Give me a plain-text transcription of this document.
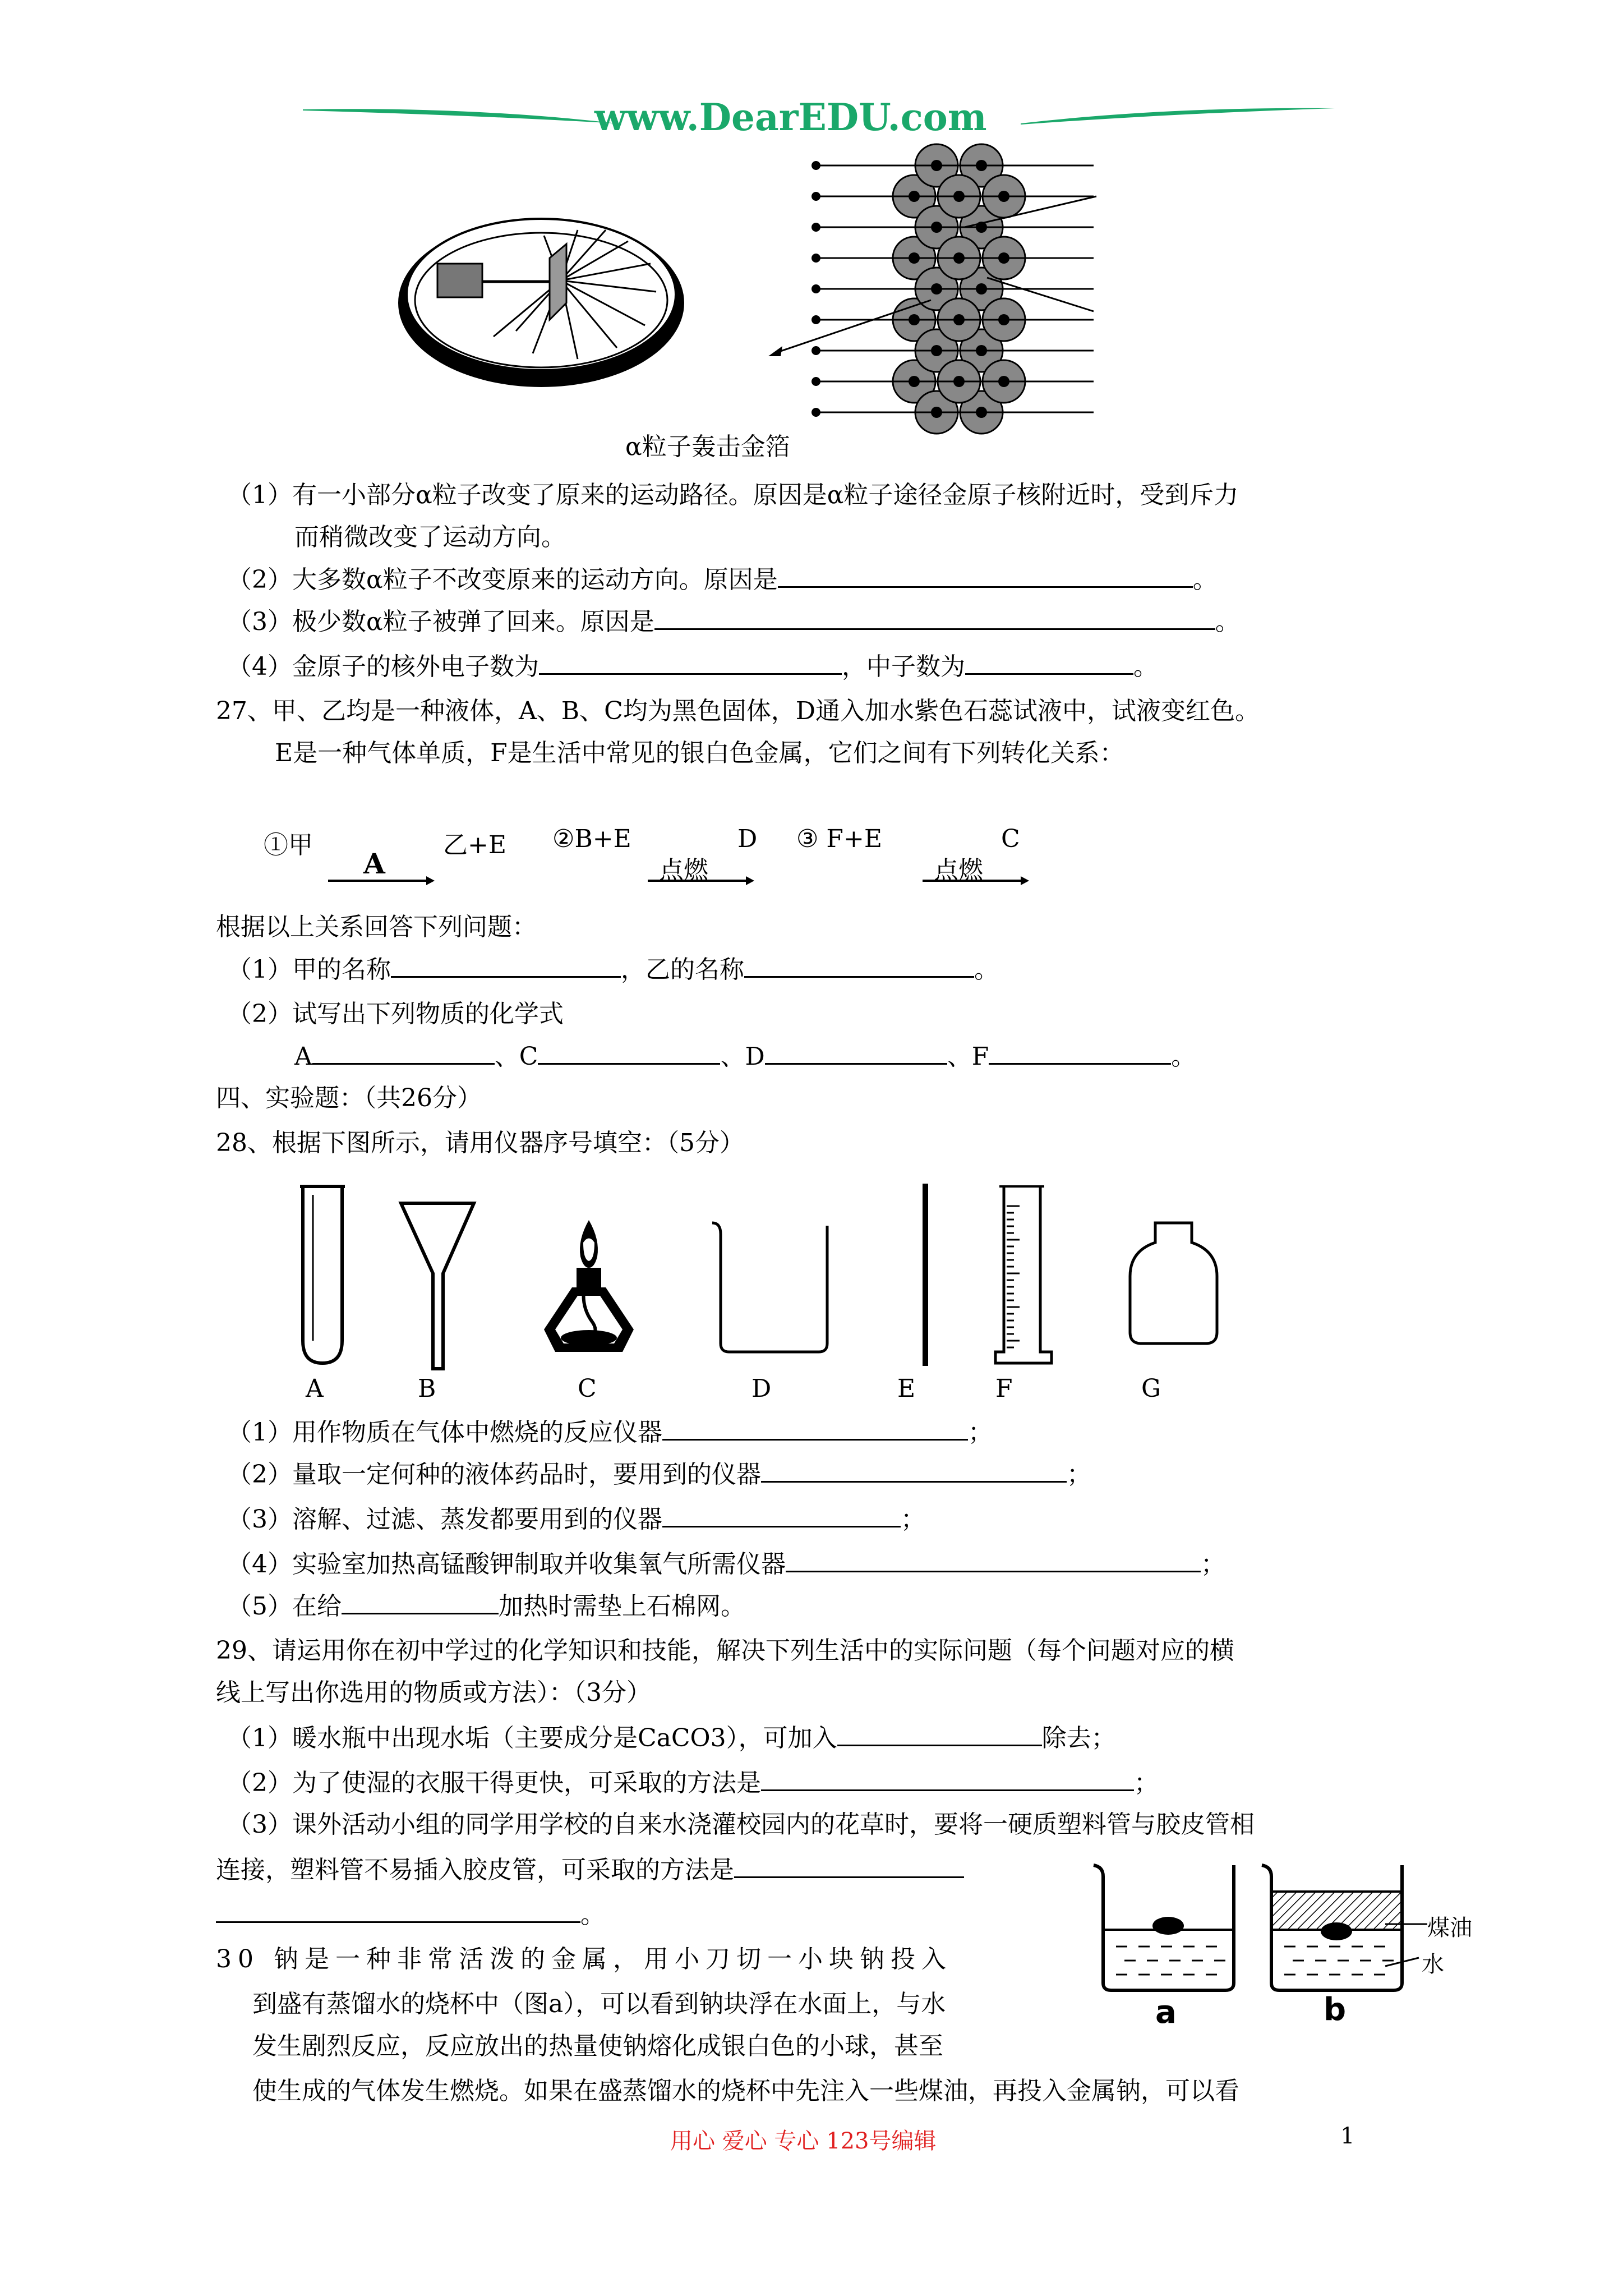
www.DearEDU.com
α粒子轰击金箔
（1）有一小部分α粒子改变了原来的运动路径。原因是α粒子途径金原子核附近时，受到斥力
而稍微改变了运动方向。
（2）大多数α粒子不改变原来的运动方向。原因是	。
（3）极少数α粒子被弹了回来。原因是	。
（4）金原子的核外电子数为	，中子数为	。
27、甲、乙均是一种液体，A、B、C均为黑色固体，D通入加水紫色石蕊试液中，试液变红色。
E是一种气体单质，F是生活中常见的银白色金属，它们之间有下列转化关系：
①甲
A
乙+E ②B+E
点燃
D ③ F+E
点燃
C
根据以上关系回答下列问题：
（1）甲的名称	，乙的名称	。
（2）试写出下列物质的化学式
A	、C	、D	、F	。
四、实验题：（共26分）
28、根据下图所示，请用仪器序号填空：（5分）
A	B	C	D	E	F	G
（1）用作物质在气体中燃烧的反应仪器	；
（2）量取一定何种的液体药品时，要用到的仪器	；
（3）溶解、过滤、蒸发都要用到的仪器	；
（4）实验室加热高锰酸钾制取并收集氧气所需仪器	；
（5）在给	加热时需垫上石棉网。
29、请运用你在初中学过的化学知识和技能，解决下列生活中的实际问题（每个问题对应的横
线上写出你选用的物质或方法）：（3分）
（1）暖水瓶中出现水垢（主要成分是CaCO3），可加入	除去；
（2）为了使湿的衣服干得更快，可采取的方法是	；
（3）课外活动小组的同学用学校的自来水浇灌校园内的花草时，要将一硬质塑料管与胶皮管相
连接，塑料管不易插入胶皮管，可采取的方法是
。
30 钠是一种非常活泼的金属，用小刀切一小块钠投入
到盛有蒸馏水的烧杯中（图a），可以看到钠块浮在水面上，与水
发生剧烈反应，反应放出的热量使钠熔化成银白色的小球，甚至
使生成的气体发生燃烧。如果在盛蒸馏水的烧杯中先注入一些煤油，再投入金属钠，可以看
煤油
水
a	b
用心 爱心 专心 123号编辑	1
